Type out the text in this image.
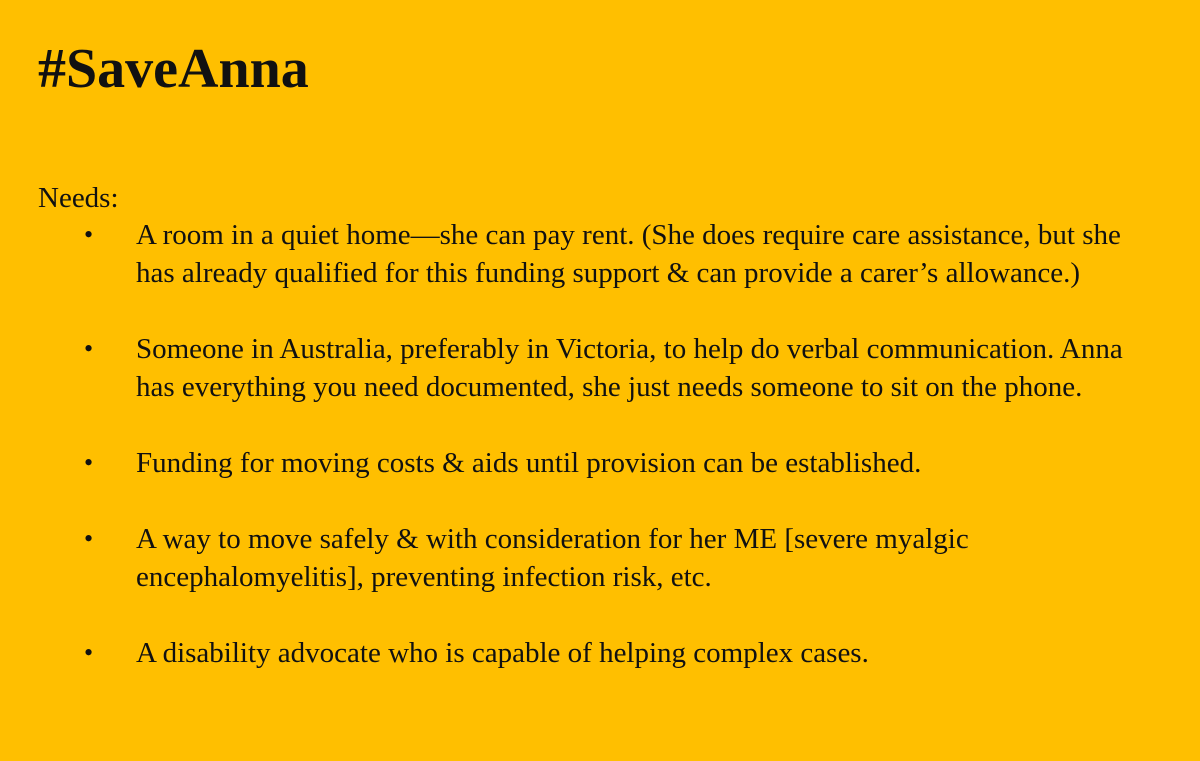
#SaveAnna
Needs:
• A room in a quiet home—she can pay rent. (She does require care assistance, but she has already qualified for this funding support & can provide a carer’s allowance.)
• Someone in Australia, preferably in Victoria, to help do verbal communication. Anna has everything you need documented, she just needs someone to sit on the phone.
• Funding for moving costs & aids until provision can be established.
• A way to move safely & with consideration for her ME [severe myalgic encephalomyelitis], preventing infection risk, etc.
• A disability advocate who is capable of helping complex cases.
